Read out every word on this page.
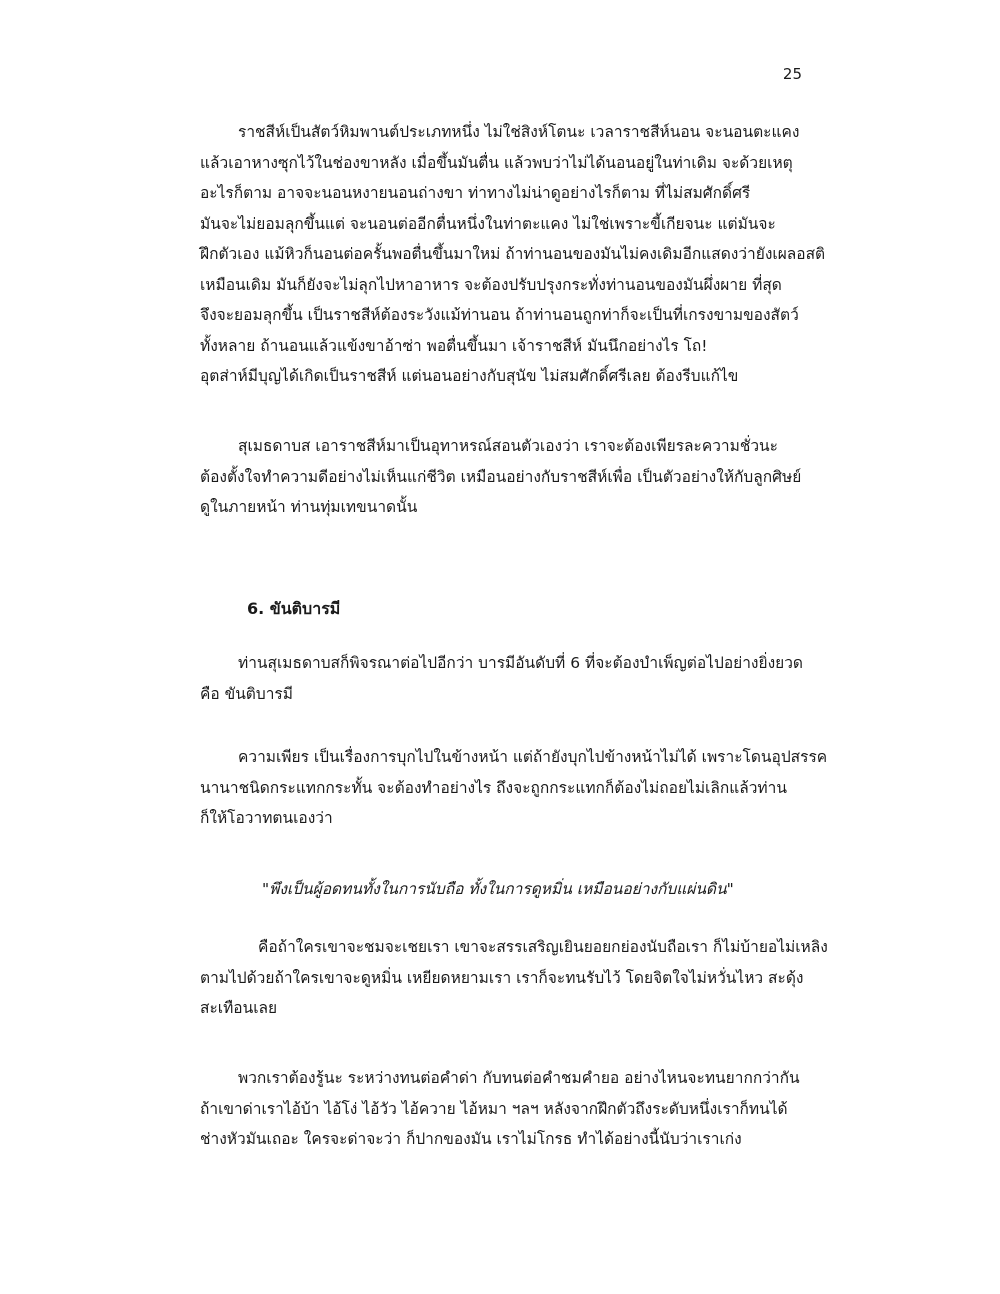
25

ราชสีห์เป็นสัตว์หิมพานต์ประเภทหนึ่ง ไม่ใช่สิงห์โตนะ เวลาราชสีห์นอน จะนอนตะแคง
แล้วเอาหางซุกไว้ในช่องขาหลัง เมื่อขึ้นมันตื่น แล้วพบว่าไม่ได้นอนอยู่ในท่าเดิม จะด้วยเหตุ
อะไรก็ตาม อาจจะนอนหงายนอนถ่างขา ท่าทางไม่น่าดูอย่างไรก็ตาม ที่ไม่สมศักดิ์ศรี
มันจะไม่ยอมลุกขึ้นแต่ จะนอนต่ออีกตื่นหนึ่งในท่าตะแคง ไม่ใช่เพราะขี้เกียจนะ แต่มันจะ
ฝึกตัวเอง แม้หิวก็นอนต่อครั้นพอตื่นขึ้นมาใหม่ ถ้าท่านอนของมันไม่คงเดิมอีกแสดงว่ายังเผลอสติ
เหมือนเดิม มันก็ยังจะไม่ลุกไปหาอาหาร จะต้องปรับปรุงกระทั่งท่านอนของมันผึ่งผาย ที่สุด
จึงจะยอมลุกขึ้น เป็นราชสีห์ต้องระวังแม้ท่านอน ถ้าท่านอนถูกท่าก็จะเป็นที่เกรงขามของสัตว์
ทั้งหลาย ถ้านอนแล้วแข้งขาอ้าซ่า พอตื่นขึ้นมา เจ้าราชสีห์ มันนึกอย่างไร โถ!
อุตส่าห์มีบุญได้เกิดเป็นราชสีห์ แต่นอนอย่างกับสุนัข ไม่สมศักดิ์ศรีเลย ต้องรีบแก้ไข

สุเมธดาบส เอาราชสีห์มาเป็นอุทาหรณ์สอนตัวเองว่า เราจะต้องเพียรละความชั่วนะ
ต้องตั้งใจทำความดีอย่างไม่เห็นแก่ชีวิต เหมือนอย่างกับราชสีห์เพื่อ เป็นตัวอย่างให้กับลูกศิษย์
ดูในภายหน้า ท่านทุ่มเทขนาดนั้น

6. ขันติบารมี

ท่านสุเมธดาบสก็พิจรณาต่อไปอีกว่า บารมีอันดับที่ 6 ที่จะต้องบำเพ็ญต่อไปอย่างยิ่งยวด
คือ ขันติบารมี

ความเพียร เป็นเรื่องการบุกไปในข้างหน้า แต่ถ้ายังบุกไปข้างหน้าไม่ได้ เพราะโดนอุปสรรค
นานาชนิดกระแทกกระทั้น จะต้องทำอย่างไร ถึงจะถูกกระแทกก็ต้องไม่ถอยไม่เลิกแล้วท่าน
ก็ให้โอวาทตนเองว่า

"พึงเป็นผู้อดทนทั้งในการนับถือ ทั้งในการดูหมิ่น เหมือนอย่างกับแผ่นดิน"

คือถ้าใครเขาจะชมจะเชยเรา เขาจะสรรเสริญเยินยอยกย่องนับถือเรา ก็ไม่บ้ายอไม่เหลิง
ตามไปด้วยถ้าใครเขาจะดูหมิ่น เหยียดหยามเรา เราก็จะทนรับไว้ โดยจิตใจไม่หวั่นไหว สะดุ้ง
สะเทือนเลย

พวกเราต้องรู้นะ ระหว่างทนต่อคำด่า กับทนต่อคำชมคำยอ อย่างไหนจะทนยากกว่ากัน
ถ้าเขาด่าเราไอ้บ้า ไอ้โง่ ไอ้วัว ไอ้ควาย ไอ้หมา ฯลฯ หลังจากฝึกตัวถึงระดับหนึ่งเราก็ทนได้
ช่างหัวมันเถอะ ใครจะด่าจะว่า ก็ปากของมัน เราไม่โกรธ ทำได้อย่างนี้นับว่าเราเก่ง
